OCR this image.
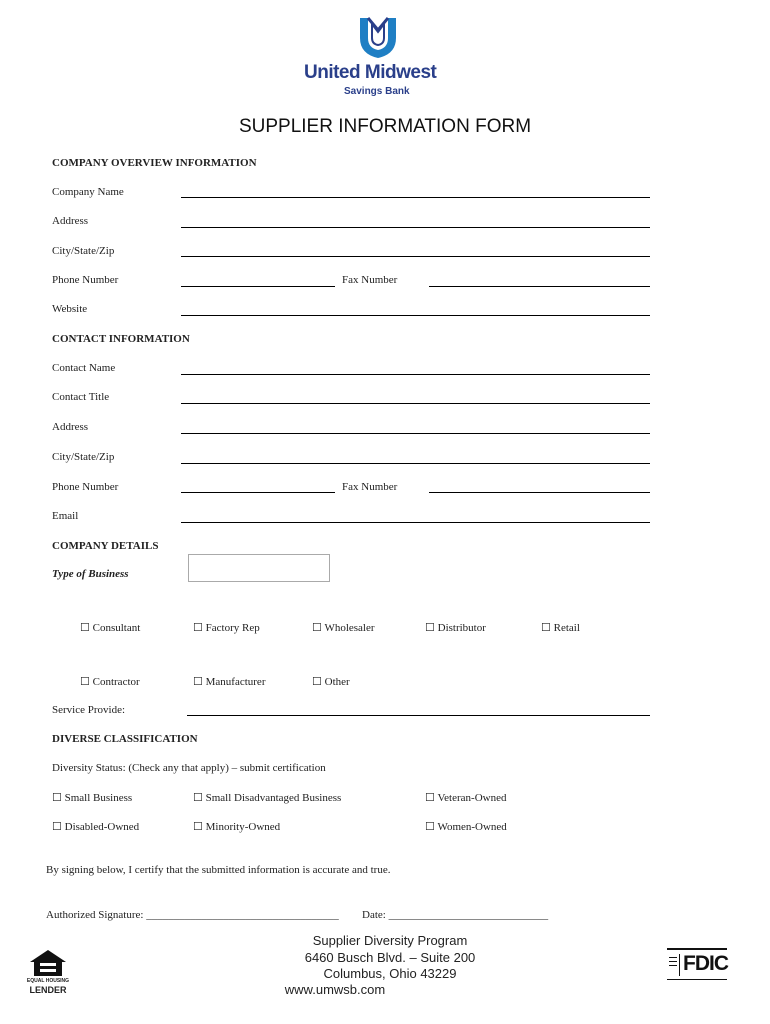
United Midwest
Savings Bank
SUPPLIER INFORMATION FORM
COMPANY OVERVIEW INFORMATION
Company Name
Address
City/State/Zip
Phone Number	Fax Number
Website
CONTACT INFORMATION
Contact Name
Contact Title
Address
City/State/Zip
Phone Number	Fax Number
Email
COMPANY DETAILS
Type of Business
☐ Consultant	☐ Factory Rep	☐ Wholesaler	☐ Distributor	☐ Retail
☐ Contractor	☐ Manufacturer	☐ Other
Service Provide:
DIVERSE CLASSIFICATION
Diversity Status: (Check any that apply) – submit certification
☐ Small Business	☐ Small Disadvantaged Business	☐ Veteran-Owned
☐ Disabled-Owned	☐ Minority-Owned	☐ Women-Owned
By signing below, I certify that the submitted information is accurate and true.
Authorized Signature: ___________________________________ Date: _____________________________
Supplier Diversity Program
6460 Busch Blvd. – Suite 200
Columbus, Ohio 43229
www.umwsb.com
EQUAL HOUSING
LENDER
FDIC
